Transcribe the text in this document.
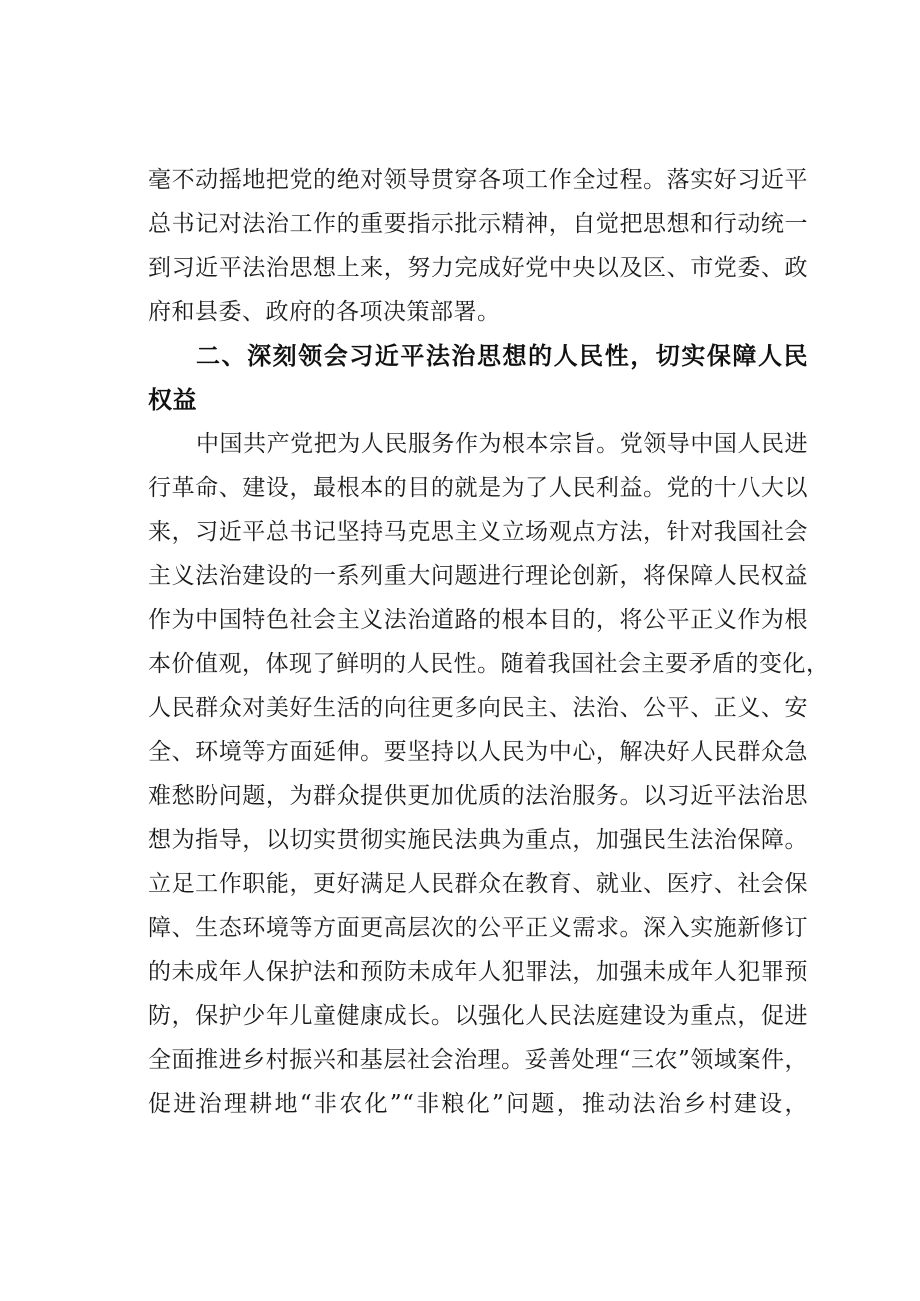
毫不动摇地把党的绝对领导贯穿各项工作全过程。落实好习近平
总书记对法治工作的重要指示批示精神，自觉把思想和行动统一
到习近平法治思想上来，努力完成好党中央以及区、市党委、政
府和县委、政府的各项决策部署。
二、深刻领会习近平法治思想的人民性，切实保障人民
权益
中国共产党把为人民服务作为根本宗旨。党领导中国人民进
行革命、建设，最根本的目的就是为了人民利益。党的十八大以
来，习近平总书记坚持马克思主义立场观点方法，针对我国社会
主义法治建设的一系列重大问题进行理论创新，将保障人民权益
作为中国特色社会主义法治道路的根本目的，将公平正义作为根
本价值观，体现了鲜明的人民性。随着我国社会主要矛盾的变化，
人民群众对美好生活的向往更多向民主、法治、公平、正义、安
全、环境等方面延伸。要坚持以人民为中心，解决好人民群众急
难愁盼问题，为群众提供更加优质的法治服务。以习近平法治思
想为指导，以切实贯彻实施民法典为重点，加强民生法治保障。
立足工作职能，更好满足人民群众在教育、就业、医疗、社会保
障、生态环境等方面更高层次的公平正义需求。深入实施新修订
的未成年人保护法和预防未成年人犯罪法，加强未成年人犯罪预
防，保护少年儿童健康成长。以强化人民法庭建设为重点，促进
全面推进乡村振兴和基层社会治理。妥善处理“三农”领域案件，
促进治理耕地“非农化”“非粮化”问题，推动法治乡村建设，
